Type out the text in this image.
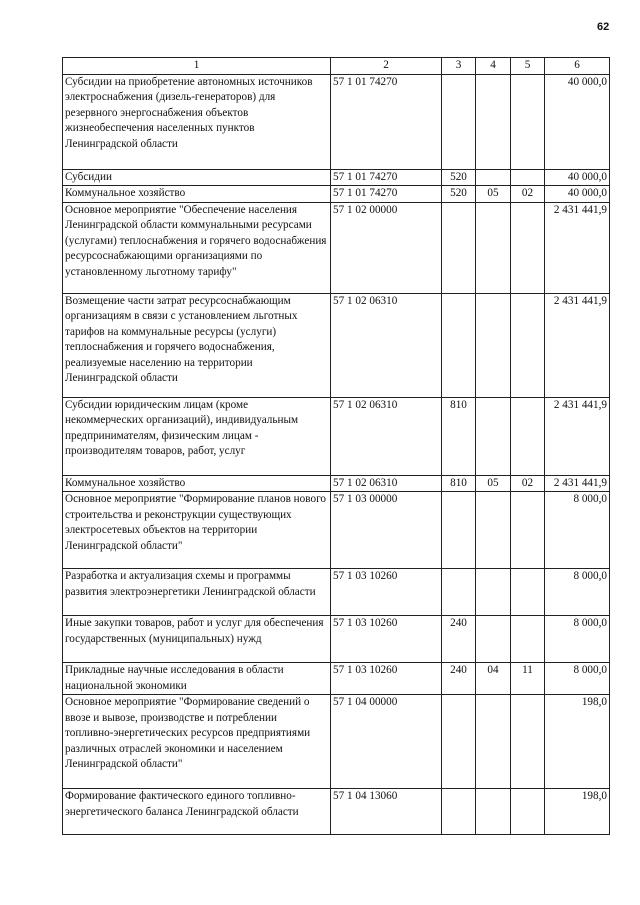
62
1	2	3	4	5	6
Субсидии на приобретение автономных источников электроснабжения (дизель-генераторов) для резервного энергоснабжения объектов жизнеобеспечения населенных пунктов Ленинградской области	57 1 01 74270				40 000,0
Субсидии	57 1 01 74270	520			40 000,0
Коммунальное хозяйство	57 1 01 74270	520	05	02	40 000,0
Основное мероприятие "Обеспечение населения Ленинградской области коммунальными ресурсами (услугами) теплоснабжения и горячего водоснабжения ресурсоснабжающими организациями по установленному льготному тарифу"	57 1 02 00000				2 431 441,9
Возмещение части затрат ресурсоснабжающим организациям в связи с установлением льготных тарифов на коммунальные ресурсы (услуги) теплоснабжения и горячего водоснабжения, реализуемые населению на территории Ленинградской области	57 1 02 06310				2 431 441,9
Субсидии юридическим лицам (кроме некоммерческих организаций), индивидуальным предпринимателям, физическим лицам - производителям товаров, работ, услуг	57 1 02 06310	810			2 431 441,9
Коммунальное хозяйство	57 1 02 06310	810	05	02	2 431 441,9
Основное мероприятие "Формирование планов нового строительства и реконструкции существующих электросетевых объектов на территории Ленинградской области"	57 1 03 00000				8 000,0
Разработка и актуализация схемы и программы развития электроэнергетики Ленинградской области	57 1 03 10260				8 000,0
Иные закупки товаров, работ и услуг для обеспечения государственных (муниципальных) нужд	57 1 03 10260	240			8 000,0
Прикладные научные исследования в области национальной экономики	57 1 03 10260	240	04	11	8 000,0
Основное мероприятие "Формирование сведений о ввозе и вывозе, производстве и потреблении топливно-энергетических ресурсов предприятиями различных отраслей экономики и населением Ленинградской области"	57 1 04 00000				198,0
Формирование фактического единого топливно-энергетического баланса Ленинградской области	57 1 04 13060				198,0
